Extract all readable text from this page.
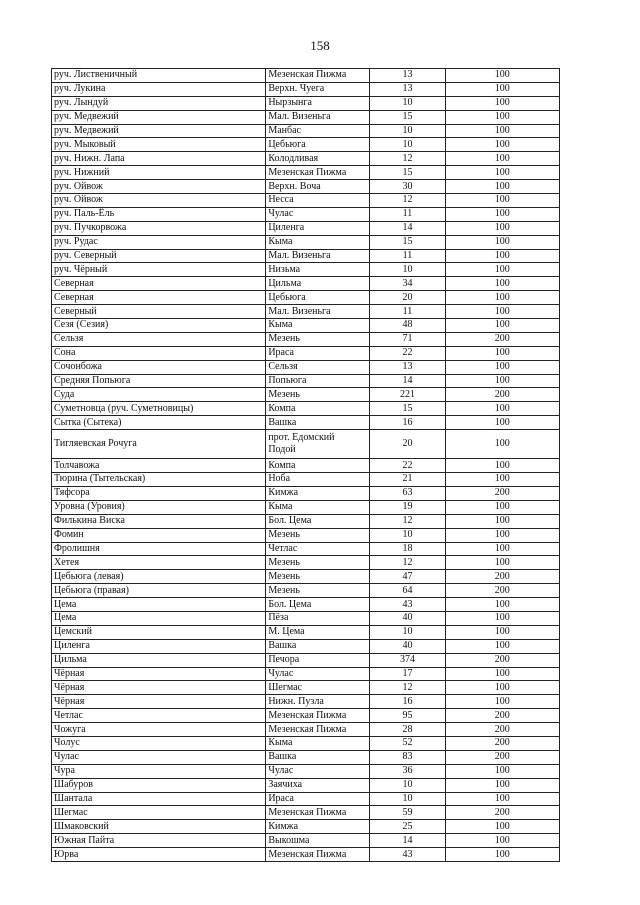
158
руч. Лиственичный	Мезенская Пижма	13	100
руч. Лукина	Верхн. Чуега	13	100
руч. Лындуй	Нырзынга	10	100
руч. Медвежий	Мал. Визеньга	15	100
руч. Медвежий	Манбас	10	100
руч. Мыковый	Цебьюга	10	100
руч. Нижн. Лапа	Колодливая	12	100
руч. Нижний	Мезенская Пижма	15	100
руч. Ойвож	Верхн. Воча	30	100
руч. Ойвож	Несса	12	100
руч. Паль-Ёль	Чулас	11	100
руч. Пучкорвожа	Циленга	14	100
руч. Рудас	Кыма	15	100
руч. Северный	Мал. Визеньга	11	100
руч. Чёрный	Низьма	10	100
Северная	Цильма	34	100
Северная	Цебьюга	20	100
Северный	Мал. Визеньга	11	100
Сезя (Сезия)	Кыма	48	100
Сельзя	Мезень	71	200
Сона	Ираса	22	100
Сочонбожа	Сельзя	13	100
Средняя Попьюга	Попьюга	14	100
Суда	Мезень	221	200
Суметновца (руч. Суметновицы)	Компа	15	100
Сытка (Сытека)	Вашка	16	100
Тигляевская Рочуга	прот. Едомский Подой	20	100
Толчавожа	Компа	22	100
Тюрина (Тытельская)	Ноба	21	100
Тяфсора	Кимжа	63	200
Уровна (Уровия)	Кыма	19	100
Филькина Виска	Бол. Цема	12	100
Фомин	Мезень	10	100
Фролишня	Четлас	18	100
Хетея	Мезень	12	100
Цебьюга (левая)	Мезень	47	200
Цебьюга (правая)	Мезень	64	200
Цема	Бол. Цема	43	100
Цема	Пёза	40	100
Цемский	М. Цема	10	100
Циленга	Вашка	40	100
Цильма	Печора	374	200
Чёрная	Чулас	17	100
Чёрная	Шегмас	12	100
Чёрная	Нижн. Пузла	16	100
Четлас	Мезенская Пижма	95	200
Чожуга	Мезенская Пижма	28	200
Чолус	Кыма	52	200
Чулас	Вашка	83	200
Чура	Чулас	36	100
Шабуров	Заячиха	10	100
Шантала	Ираса	10	100
Шегмас	Мезенская Пижма	59	200
Шмаковский	Кимжа	25	100
Южная Пайта	Выкошма	14	100
Юрва	Мезенская Пижма	43	100
